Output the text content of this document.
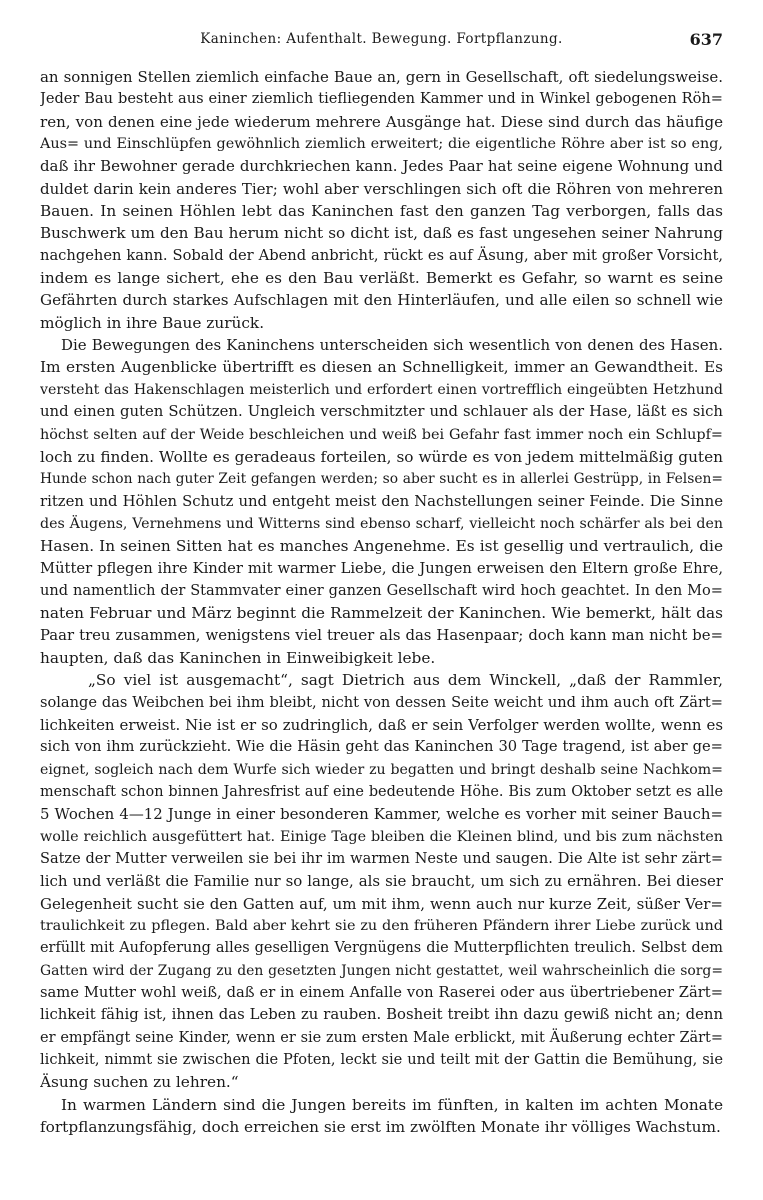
Kaninchen: Aufenthalt. Bewegung. Fortpflanzung.	637
an sonnigen Stellen ziemlich einfache Baue an, gern in Gesellschaft, oft siedelungsweise.
Jeder Bau besteht aus einer ziemlich tiefliegenden Kammer und in Winkel gebogenen Röh=
ren, von denen eine jede wiederum mehrere Ausgänge hat. Diese sind durch das häufige
Aus= und Einschlüpfen gewöhnlich ziemlich erweitert; die eigentliche Röhre aber ist so eng,
daß ihr Bewohner gerade durchkriechen kann. Jedes Paar hat seine eigene Wohnung und
duldet darin kein anderes Tier; wohl aber verschlingen sich oft die Röhren von mehreren
Bauen. In seinen Höhlen lebt das Kaninchen fast den ganzen Tag verborgen, falls das
Buschwerk um den Bau herum nicht so dicht ist, daß es fast ungesehen seiner Nahrung
nachgehen kann. Sobald der Abend anbricht, rückt es auf Äsung, aber mit großer Vorsicht,
indem es lange sichert, ehe es den Bau verläßt. Bemerkt es Gefahr, so warnt es seine
Gefährten durch starkes Aufschlagen mit den Hinterläufen, und alle eilen so schnell wie
möglich in ihre Baue zurück.
Die Bewegungen des Kaninchens unterscheiden sich wesentlich von denen des Hasen.
Im ersten Augenblicke übertrifft es diesen an Schnelligkeit, immer an Gewandtheit. Es
versteht das Hakenschlagen meisterlich und erfordert einen vortrefflich eingeübten Hetzhund
und einen guten Schützen. Ungleich verschmitzter und schlauer als der Hase, läßt es sich
höchst selten auf der Weide beschleichen und weiß bei Gefahr fast immer noch ein Schlupf=
loch zu finden. Wollte es geradeaus forteilen, so würde es von jedem mittelmäßig guten
Hunde schon nach guter Zeit gefangen werden; so aber sucht es in allerlei Gestrüpp, in Felsen=
ritzen und Höhlen Schutz und entgeht meist den Nachstellungen seiner Feinde. Die Sinne
des Äugens, Vernehmens und Witterns sind ebenso scharf, vielleicht noch schärfer als bei den
Hasen. In seinen Sitten hat es manches Angenehme. Es ist gesellig und vertraulich, die
Mütter pflegen ihre Kinder mit warmer Liebe, die Jungen erweisen den Eltern große Ehre,
und namentlich der Stammvater einer ganzen Gesellschaft wird hoch geachtet. In den Mo=
naten Februar und März beginnt die Rammelzeit der Kaninchen. Wie bemerkt, hält das
Paar treu zusammen, wenigstens viel treuer als das Hasenpaar; doch kann man nicht be=
haupten, daß das Kaninchen in Einweibigkeit lebe.
„So viel ist ausgemacht“, sagt Dietrich aus dem Winckell, „daß der Rammler,
solange das Weibchen bei ihm bleibt, nicht von dessen Seite weicht und ihm auch oft Zärt=
lichkeiten erweist. Nie ist er so zudringlich, daß er sein Verfolger werden wollte, wenn es
sich von ihm zurückzieht. Wie die Häsin geht das Kaninchen 30 Tage tragend, ist aber ge=
eignet, sogleich nach dem Wurfe sich wieder zu begatten und bringt deshalb seine Nachkom=
menschaft schon binnen Jahresfrist auf eine bedeutende Höhe. Bis zum Oktober setzt es alle
5 Wochen 4—12 Junge in einer besonderen Kammer, welche es vorher mit seiner Bauch=
wolle reichlich ausgefüttert hat. Einige Tage bleiben die Kleinen blind, und bis zum nächsten
Satze der Mutter verweilen sie bei ihr im warmen Neste und saugen. Die Alte ist sehr zärt=
lich und verläßt die Familie nur so lange, als sie braucht, um sich zu ernähren. Bei dieser
Gelegenheit sucht sie den Gatten auf, um mit ihm, wenn auch nur kurze Zeit, süßer Ver=
traulichkeit zu pflegen. Bald aber kehrt sie zu den früheren Pfändern ihrer Liebe zurück und
erfüllt mit Aufopferung alles geselligen Vergnügens die Mutterpflichten treulich. Selbst dem
Gatten wird der Zugang zu den gesetzten Jungen nicht gestattet, weil wahrscheinlich die sorg=
same Mutter wohl weiß, daß er in einem Anfalle von Raserei oder aus übertriebener Zärt=
lichkeit fähig ist, ihnen das Leben zu rauben. Bosheit treibt ihn dazu gewiß nicht an; denn
er empfängt seine Kinder, wenn er sie zum ersten Male erblickt, mit Äußerung echter Zärt=
lichkeit, nimmt sie zwischen die Pfoten, leckt sie und teilt mit der Gattin die Bemühung, sie
Äsung suchen zu lehren.“
In warmen Ländern sind die Jungen bereits im fünften, in kalten im achten Monate
fortpflanzungsfähig, doch erreichen sie erst im zwölften Monate ihr völliges Wachstum.
